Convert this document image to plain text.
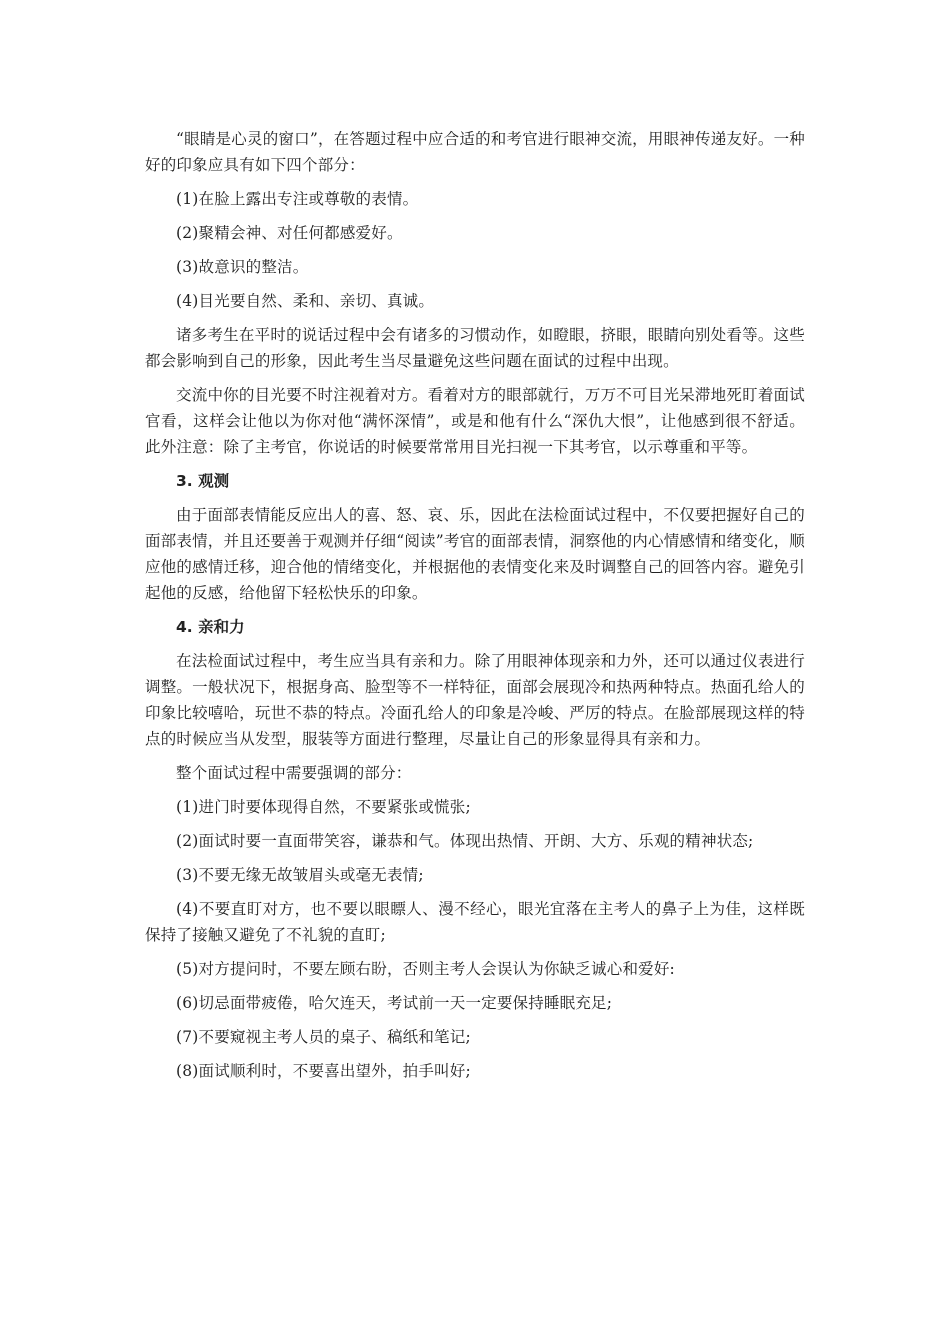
“眼睛是心灵的窗口”，在答题过程中应合适的和考官进行眼神交流，用眼神传递友好。一种好的印象应具有如下四个部分：

(1)在脸上露出专注或尊敬的表情。

(2)聚精会神、对任何都感爱好。

(3)故意识的整洁。

(4)目光要自然、柔和、亲切、真诚。

诸多考生在平时的说话过程中会有诸多的习惯动作，如瞪眼，挤眼，眼睛向别处看等。这些都会影响到自己的形象，因此考生当尽量避免这些问题在面试的过程中出现。

交流中你的目光要不时注视着对方。看着对方的眼部就行，万万不可目光呆滞地死盯着面试官看，这样会让他以为你对他“满怀深情”，或是和他有什么“深仇大恨”，让他感到很不舒适。此外注意：除了主考官，你说话的时候要常常用目光扫视一下其考官，以示尊重和平等。

3. 观测

由于面部表情能反应出人的喜、怒、哀、乐，因此在法检面试过程中，不仅要把握好自己的面部表情，并且还要善于观测并仔细“阅读”考官的面部表情，洞察他的内心情感情和绪变化，顺应他的感情迁移，迎合他的情绪变化，并根据他的表情变化来及时调整自己的回答内容。避免引起他的反感，给他留下轻松快乐的印象。

4. 亲和力

在法检面试过程中，考生应当具有亲和力。除了用眼神体现亲和力外，还可以通过仪表进行调整。一般状况下，根据身高、脸型等不一样特征，面部会展现冷和热两种特点。热面孔给人的印象比较嘻哈，玩世不恭的特点。冷面孔给人的印象是冷峻、严厉的特点。在脸部展现这样的特点的时候应当从发型，服装等方面进行整理，尽量让自己的形象显得具有亲和力。

整个面试过程中需要强调的部分：

(1)进门时要体现得自然，不要紧张或慌张;

(2)面试时要一直面带笑容，谦恭和气。体现出热情、开朗、大方、乐观的精神状态;

(3)不要无缘无故皱眉头或毫无表情;

(4)不要直盯对方，也不要以眼瞟人、漫不经心，眼光宜落在主考人的鼻子上为佳，这样既保持了接触又避免了不礼貌的直盯;

(5)对方提问时，不要左顾右盼，否则主考人会误认为你缺乏诚心和爱好:

(6)切忌面带疲倦，哈欠连天，考试前一天一定要保持睡眠充足;

(7)不要窥视主考人员的桌子、稿纸和笔记;

(8)面试顺利时，不要喜出望外，拍手叫好;
